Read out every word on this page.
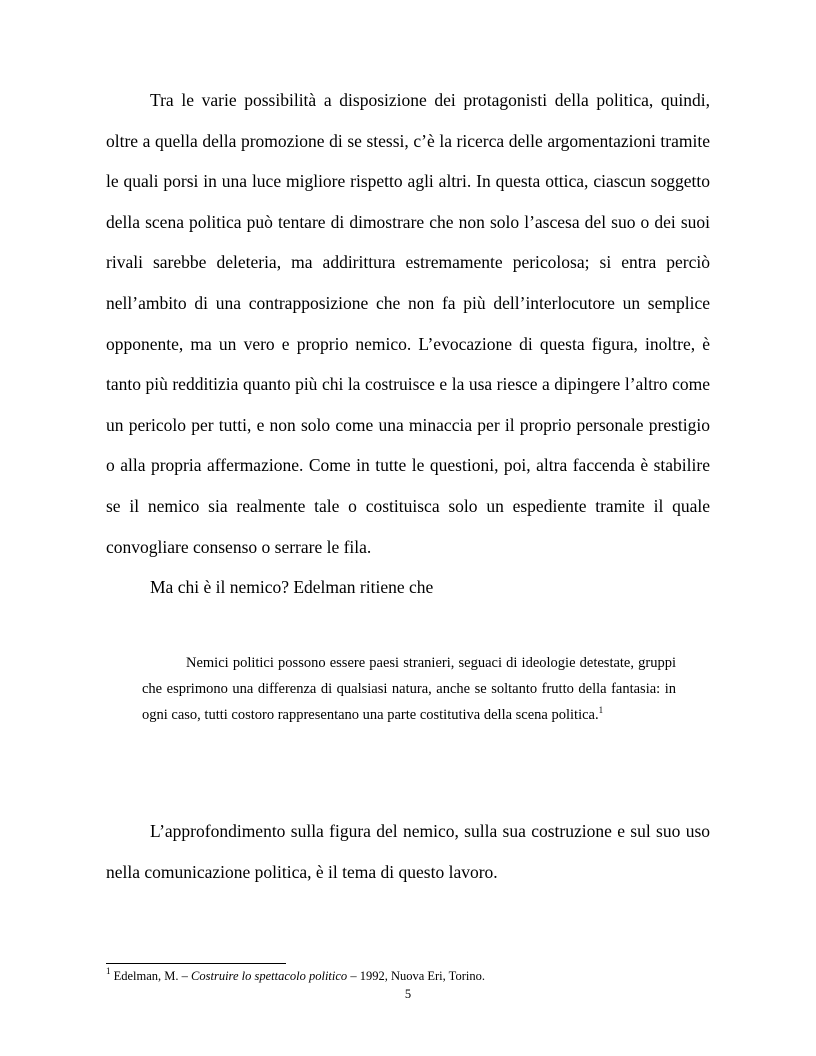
Tra le varie possibilità a disposizione dei protagonisti della politica, quindi, oltre a quella della promozione di se stessi, c’è la ricerca delle argomentazioni tramite le quali porsi in una luce migliore rispetto agli altri. In questa ottica, ciascun soggetto della scena politica può tentare di dimostrare che non solo l’ascesa del suo o dei suoi rivali sarebbe deleteria, ma addirittura estremamente pericolosa; si entra perciò nell’ambito di una contrapposizione che non fa più dell’interlocutore un semplice opponente, ma un vero e proprio nemico. L’evocazione di questa figura, inoltre, è tanto più redditizia quanto più chi la costruisce e la usa riesce a dipingere l’altro come un pericolo per tutti, e non solo come una minaccia per il proprio personale prestigio o alla propria affermazione. Come in tutte le questioni, poi, altra faccenda è stabilire se il nemico sia realmente tale o costituisca solo un espediente tramite il quale convogliare consenso o serrare le fila.

Ma chi è il nemico? Edelman ritiene che

Nemici politici possono essere paesi stranieri, seguaci di ideologie detestate, gruppi che esprimono una differenza di qualsiasi natura, anche se soltanto frutto della fantasia: in ogni caso, tutti costoro rappresentano una parte costitutiva della scena politica.$^1$

L’approfondimento sulla figura del nemico, sulla sua costruzione e sul suo uso nella comunicazione politica, è il tema di questo lavoro.

$^1$ Edelman, M. – Costruire lo spettacolo politico – 1992, Nuova Eri, Torino.

5
